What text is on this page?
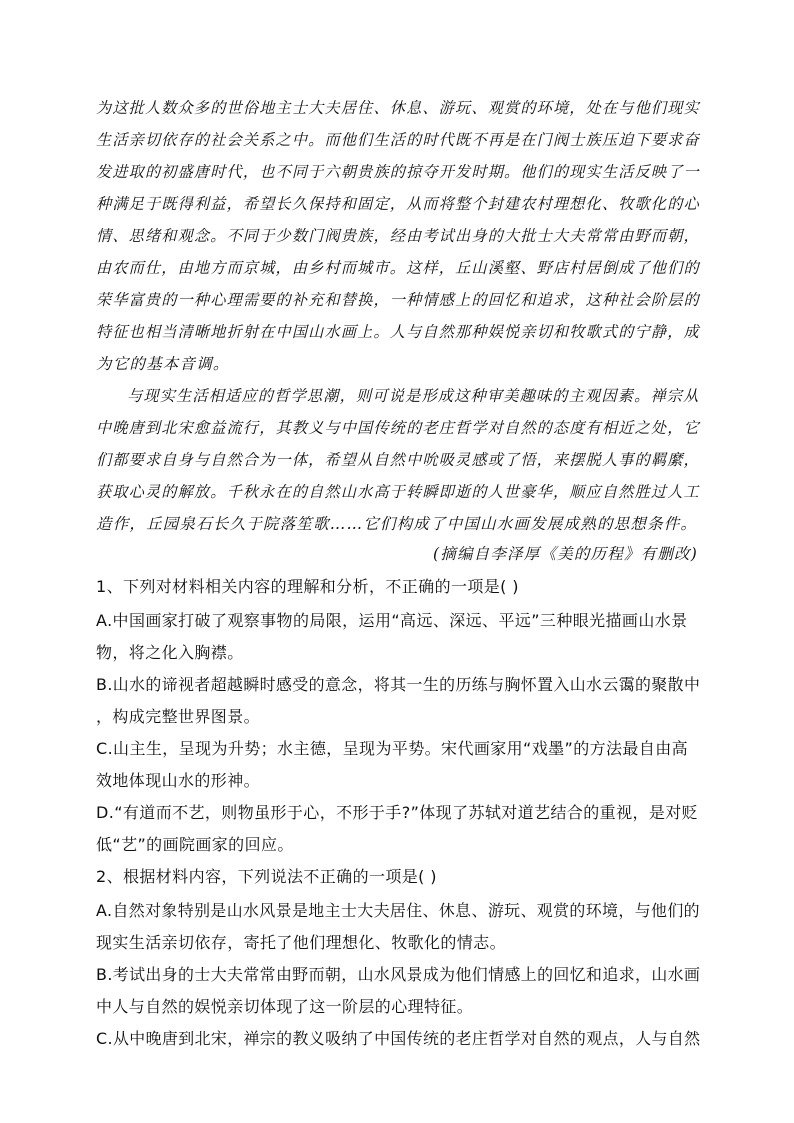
为这批人数众多的世俗地主士大夫居住、休息、游玩、观赏的环境，处在与他们现实
生活亲切依存的社会关系之中。而他们生活的时代既不再是在门阀士族压迫下要求奋
发进取的初盛唐时代，也不同于六朝贵族的掠夺开发时期。他们的现实生活反映了一
种满足于既得利益，希望长久保持和固定，从而将整个封建农村理想化、牧歌化的心
情、思绪和观念。不同于少数门阀贵族，经由考试出身的大批士大夫常常由野而朝，
由农而仕，由地方而京城，由乡村而城市。这样，丘山溪壑、野店村居倒成了他们的
荣华富贵的一种心理需要的补充和替换，一种情感上的回忆和追求，这种社会阶层的
特征也相当清晰地折射在中国山水画上。人与自然那种娱悦亲切和牧歌式的宁静，成
为它的基本音调。
与现实生活相适应的哲学思潮，则可说是形成这种审美趣味的主观因素。禅宗从
中晚唐到北宋愈益流行，其教义与中国传统的老庄哲学对自然的态度有相近之处，它
们都要求自身与自然合为一体，希望从自然中吮吸灵感或了悟，来摆脱人事的羁縻，
获取心灵的解放。千秋永在的自然山水高于转瞬即逝的人世豪华，顺应自然胜过人工
造作，丘园泉石长久于院落笙歌……它们构成了中国山水画发展成熟的思想条件。
(摘编自李泽厚《美的历程》有删改)
1、下列对材料相关内容的理解和分析，不正确的一项是( )
A.中国画家打破了观察事物的局限，运用“高远、深远、平远”三种眼光描画山水景
物，将之化入胸襟。
B.山水的谛视者超越瞬时感受的意念，将其一生的历练与胸怀置入山水云霭的聚散中
，构成完整世界图景。
C.山主生，呈现为升势；水主德，呈现为平势。宋代画家用“戏墨”的方法最自由高
效地体现山水的形神。
D.“有道而不艺，则物虽形于心，不形于手?”体现了苏轼对道艺结合的重视，是对贬
低“艺”的画院画家的回应。
2、根据材料内容，下列说法不正确的一项是( )
A.自然对象特别是山水风景是地主士大夫居住、休息、游玩、观赏的环境，与他们的
现实生活亲切依存，寄托了他们理想化、牧歌化的情志。
B.考试出身的士大夫常常由野而朝，山水风景成为他们情感上的回忆和追求，山水画
中人与自然的娱悦亲切体现了这一阶层的心理特征。
C.从中晚唐到北宋，禅宗的教义吸纳了中国传统的老庄哲学对自然的观点，人与自然
